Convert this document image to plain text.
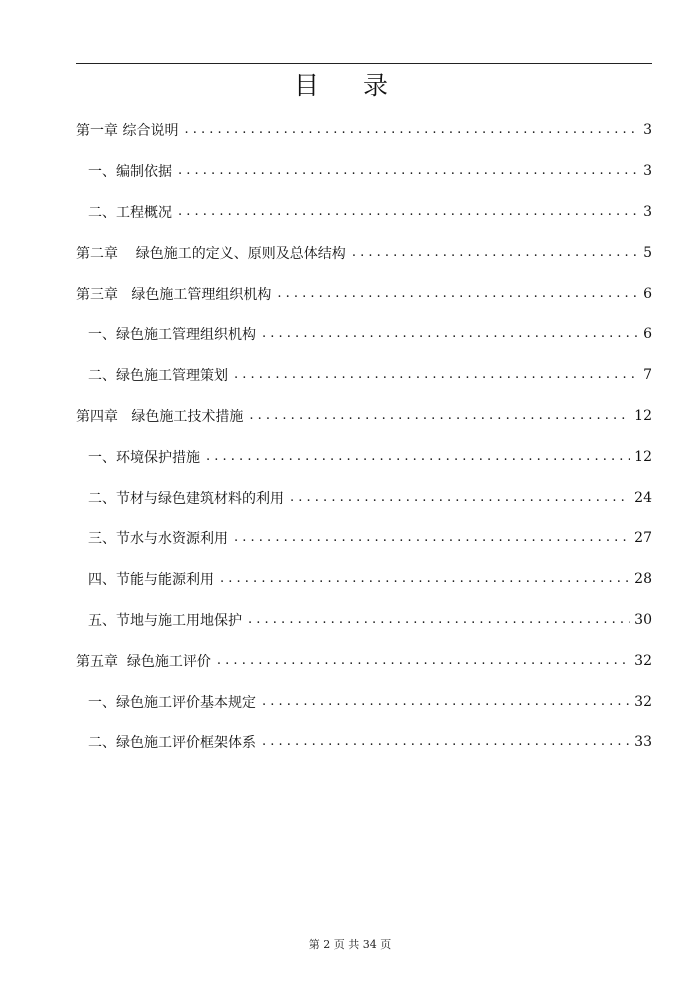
目 录
第一章 综合说明 . . .	3
一、编制依据 . . .	3
二、工程概况 . . .	3
第二章    绿色施工的定义、原则及总体结构 . . .	5
第三章   绿色施工管理组织机构 . . .	6
一、绿色施工管理组织机构 . . .	6
二、绿色施工管理策划 . . .	7
第四章   绿色施工技术措施 . . .	12
一、环境保护措施 . . .	12
二、节材与绿色建筑材料的利用 . . .	24
三、节水与水资源利用 . . .	27
四、节能与能源利用 . . .	28
五、节地与施工用地保护 . . .	30
第五章  绿色施工评价 . . .	32
一、绿色施工评价基本规定 . . .	32
二、绿色施工评价框架体系 . . .	33
第 2 页 共 34 页
